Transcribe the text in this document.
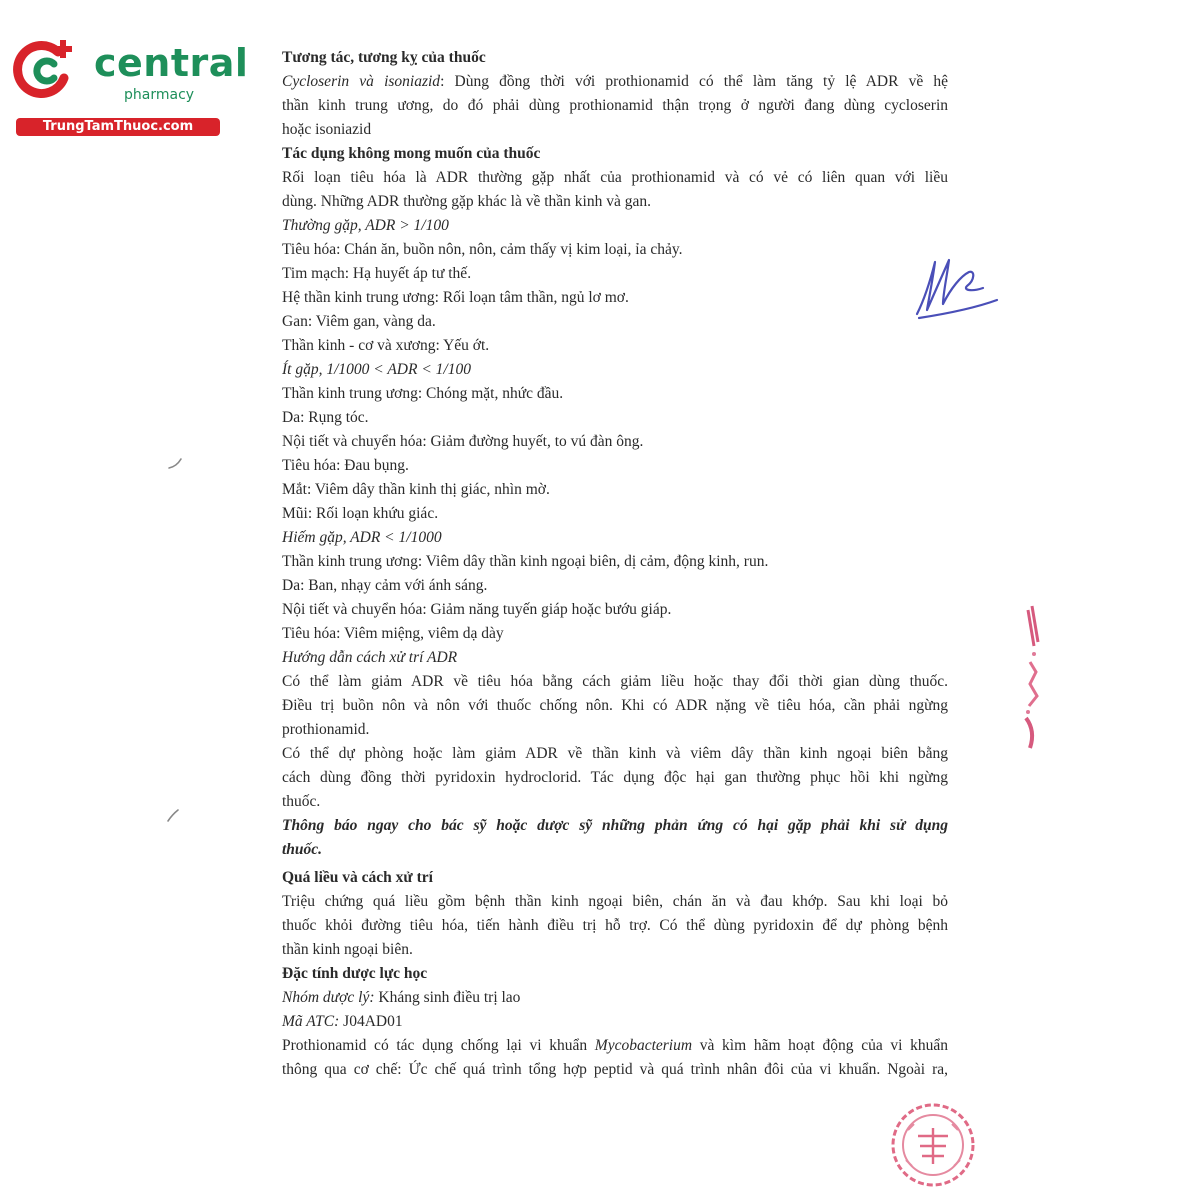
central
pharmacy
TrungTamThuoc.com
Tương tác, tương kỵ của thuốc
Cycloserin và isoniazid: Dùng đồng thời với prothionamid có thể làm tăng tỷ lệ ADR về hệ
thần kinh trung ương, do đó phải dùng prothionamid thận trọng ở người đang dùng cycloserin
hoặc isoniazid
Tác dụng không mong muốn của thuốc
Rối loạn tiêu hóa là ADR thường gặp nhất của prothionamid và có vẻ có liên quan với liều
dùng. Những ADR thường gặp khác là về thần kinh và gan.
Thường gặp, ADR > 1/100
Tiêu hóa: Chán ăn, buồn nôn, nôn, cảm thấy vị kim loại, ỉa chảy.
Tim mạch: Hạ huyết áp tư thế.
Hệ thần kinh trung ương: Rối loạn tâm thần, ngủ lơ mơ.
Gan: Viêm gan, vàng da.
Thần kinh - cơ và xương: Yếu ớt.
Ít gặp, 1/1000 < ADR < 1/100
Thần kinh trung ương: Chóng mặt, nhức đầu.
Da: Rụng tóc.
Nội tiết và chuyển hóa: Giảm đường huyết, to vú đàn ông.
Tiêu hóa: Đau bụng.
Mắt: Viêm dây thần kinh thị giác, nhìn mờ.
Mũi: Rối loạn khứu giác.
Hiếm gặp, ADR < 1/1000
Thần kinh trung ương: Viêm dây thần kinh ngoại biên, dị cảm, động kinh, run.
Da: Ban, nhạy cảm với ánh sáng.
Nội tiết và chuyển hóa: Giảm năng tuyến giáp hoặc bướu giáp.
Tiêu hóa: Viêm miệng, viêm dạ dày
Hướng dẫn cách xử trí ADR
Có thể làm giảm ADR về tiêu hóa bằng cách giảm liều hoặc thay đổi thời gian dùng thuốc.
Điều trị buồn nôn và nôn với thuốc chống nôn. Khi có ADR nặng về tiêu hóa, cần phải ngừng
prothionamid.
Có thể dự phòng hoặc làm giảm ADR về thần kinh và viêm dây thần kinh ngoại biên bằng
cách dùng đồng thời pyridoxin hydroclorid. Tác dụng độc hại gan thường phục hồi khi ngừng
thuốc.
Thông báo ngay cho bác sỹ hoặc dược sỹ những phản ứng có hại gặp phải khi sử dụng
thuốc.
Quá liều và cách xử trí
Triệu chứng quá liều gồm bệnh thần kinh ngoại biên, chán ăn và đau khớp. Sau khi loại bỏ
thuốc khỏi đường tiêu hóa, tiến hành điều trị hỗ trợ. Có thể dùng pyridoxin để dự phòng bệnh
thần kinh ngoại biên.
Đặc tính dược lực học
Nhóm dược lý: Kháng sinh điều trị lao
Mã ATC: J04AD01
Prothionamid có tác dụng chống lại vi khuẩn Mycobacterium và kìm hãm hoạt động của vi khuẩn
thông qua cơ chế: Ức chế quá trình tổng hợp peptid và quá trình nhân đôi của vi khuẩn. Ngoài ra,
